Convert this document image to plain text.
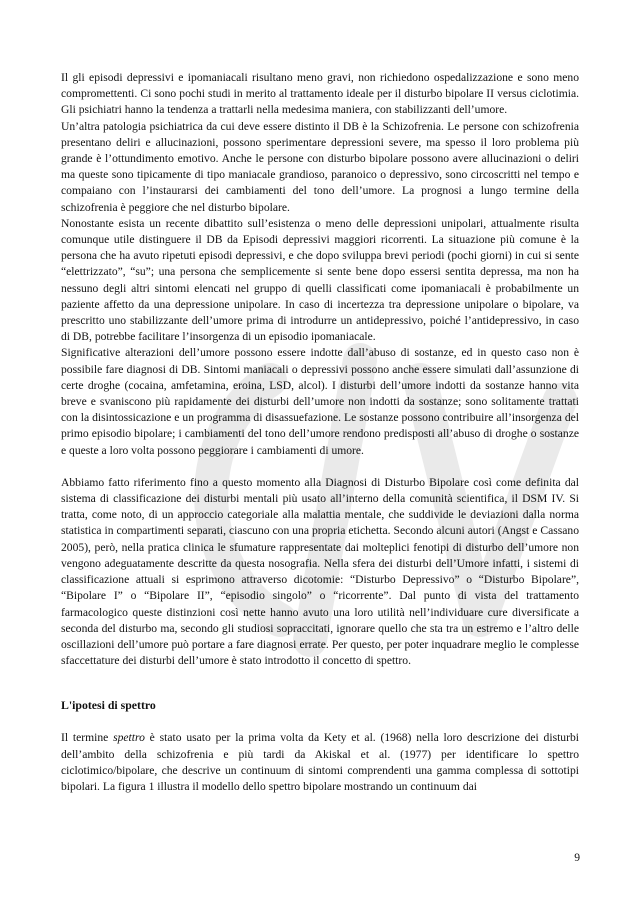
Il gli episodi depressivi e ipomaniacali risultano meno gravi, non richiedono ospedalizzazione e sono meno compromettenti. Ci sono pochi studi in merito al trattamento ideale per il disturbo bipolare II versus ciclotimia. Gli psichiatri hanno la tendenza a trattarli nella medesima maniera, con stabilizzanti dell’umore.

Un’altra patologia psichiatrica da cui deve essere distinto il DB è la Schizofrenia. Le persone con schizofrenia presentano deliri e allucinazioni, possono sperimentare depressioni severe, ma spesso il loro problema più grande è l’ottundimento emotivo. Anche le persone con disturbo bipolare possono avere allucinazioni o deliri ma queste sono tipicamente di tipo maniacale grandioso, paranoico o depressivo, sono circoscritti nel tempo e compaiano con l’instaurarsi dei cambiamenti del tono dell’umore. La prognosi a lungo termine della schizofrenia è peggiore che nel disturbo bipolare.

Nonostante esista un recente dibattito sull’esistenza o meno delle depressioni unipolari, attualmente risulta comunque utile distinguere il DB da Episodi depressivi maggiori ricorrenti. La situazione più comune è la persona che ha avuto ripetuti episodi depressivi, e che dopo sviluppa brevi periodi (pochi giorni) in cui si sente “elettrizzato”, “su”; una persona che semplicemente si sente bene dopo essersi sentita depressa, ma non ha nessuno degli altri sintomi elencati nel gruppo di quelli classificati come ipomaniacali è probabilmente un paziente affetto da una depressione unipolare. In caso di incertezza tra depressione unipolare o bipolare, va prescritto uno stabilizzante dell’umore prima di introdurre un antidepressivo, poiché l’antidepressivo, in caso di DB, potrebbe facilitare l’insorgenza di un episodio ipomaniacale.

Significative alterazioni dell’umore possono essere indotte dall’abuso di sostanze, ed in questo caso non è possibile fare diagnosi di DB. Sintomi maniacali o depressivi possono anche essere simulati dall’assunzione di certe droghe (cocaina, amfetamina, eroina, LSD, alcol). I disturbi dell’umore indotti da sostanze hanno vita breve e svaniscono più rapidamente dei disturbi dell’umore non indotti da sostanze; sono solitamente trattati con la disintossicazione e un programma di disassuefazione. Le sostanze possono contribuire all’insorgenza del primo episodio bipolare; i cambiamenti del tono dell’umore rendono predisposti all’abuso di droghe o sostanze e queste a loro volta possono peggiorare i cambiamenti di umore.

Abbiamo fatto riferimento fino a questo momento alla Diagnosi di Disturbo Bipolare così come definita dal sistema di classificazione dei disturbi mentali più usato all’interno della comunità scientifica, il DSM IV. Si tratta, come noto, di un approccio categoriale alla malattia mentale, che suddivide le deviazioni dalla norma statistica in compartimenti separati, ciascuno con una propria etichetta. Secondo alcuni autori (Angst e Cassano 2005), però, nella pratica clinica le sfumature rappresentate dai molteplici fenotipi di disturbo dell’umore non vengono adeguatamente descritte da questa nosografia. Nella sfera dei disturbi dell’Umore infatti, i sistemi di classificazione attuali si esprimono attraverso dicotomie: “Disturbo Depressivo” o “Disturbo Bipolare”, “Bipolare I” o “Bipolare II”, “episodio singolo” o “ricorrente”. Dal punto di vista del trattamento farmacologico queste distinzioni così nette hanno avuto una loro utilità nell’individuare cure diversificate a seconda del disturbo ma, secondo gli studiosi sopraccitati, ignorare quello che sta tra un estremo e l’altro delle oscillazioni dell’umore può portare a fare diagnosi errate. Per questo, per poter inquadrare meglio le complesse sfaccettature dei disturbi dell’umore è stato introdotto il concetto di spettro.

L'ipotesi di spettro

Il termine spettro è stato usato per la prima volta da Kety et al. (1968) nella loro descrizione dei disturbi dell’ambito della schizofrenia e più tardi da Akiskal et al. (1977) per identificare lo spettro ciclotimico/bipolare, che descrive un continuum di sintomi comprendenti una gamma complessa di sottotipi bipolari. La figura 1 illustra il modello dello spettro bipolare mostrando un continuum dai

9
